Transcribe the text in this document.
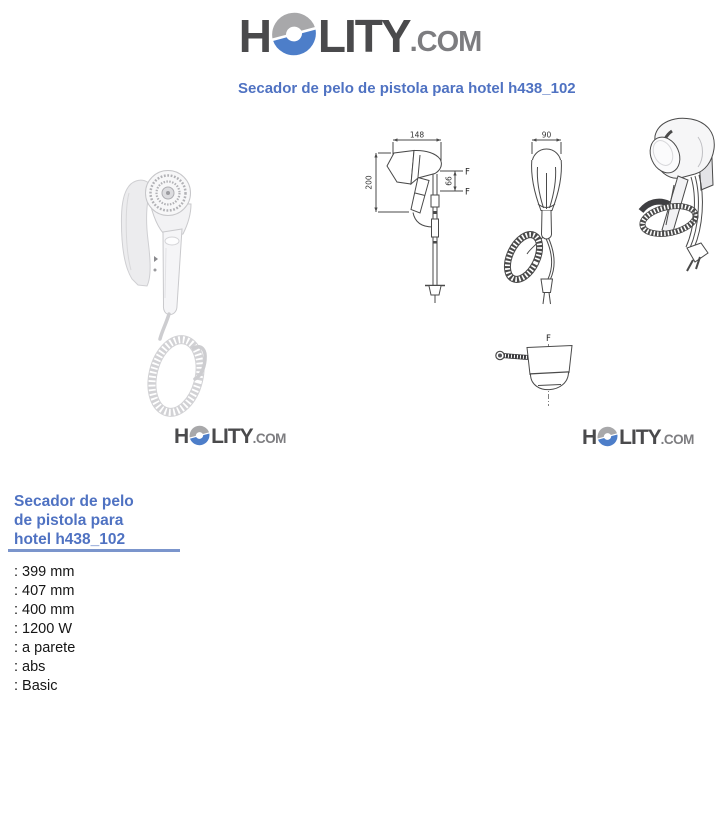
H LITY .COM
Secador de pelo de pistola para hotel h438_102
148
200	66
F
F
90
F
H LITY .COM	H LITY .COM
Secador de pelo
de pistola para
hotel h438_102
: 399 mm
: 407 mm
: 400 mm
: 1200 W
: a parete
: abs
: Basic
